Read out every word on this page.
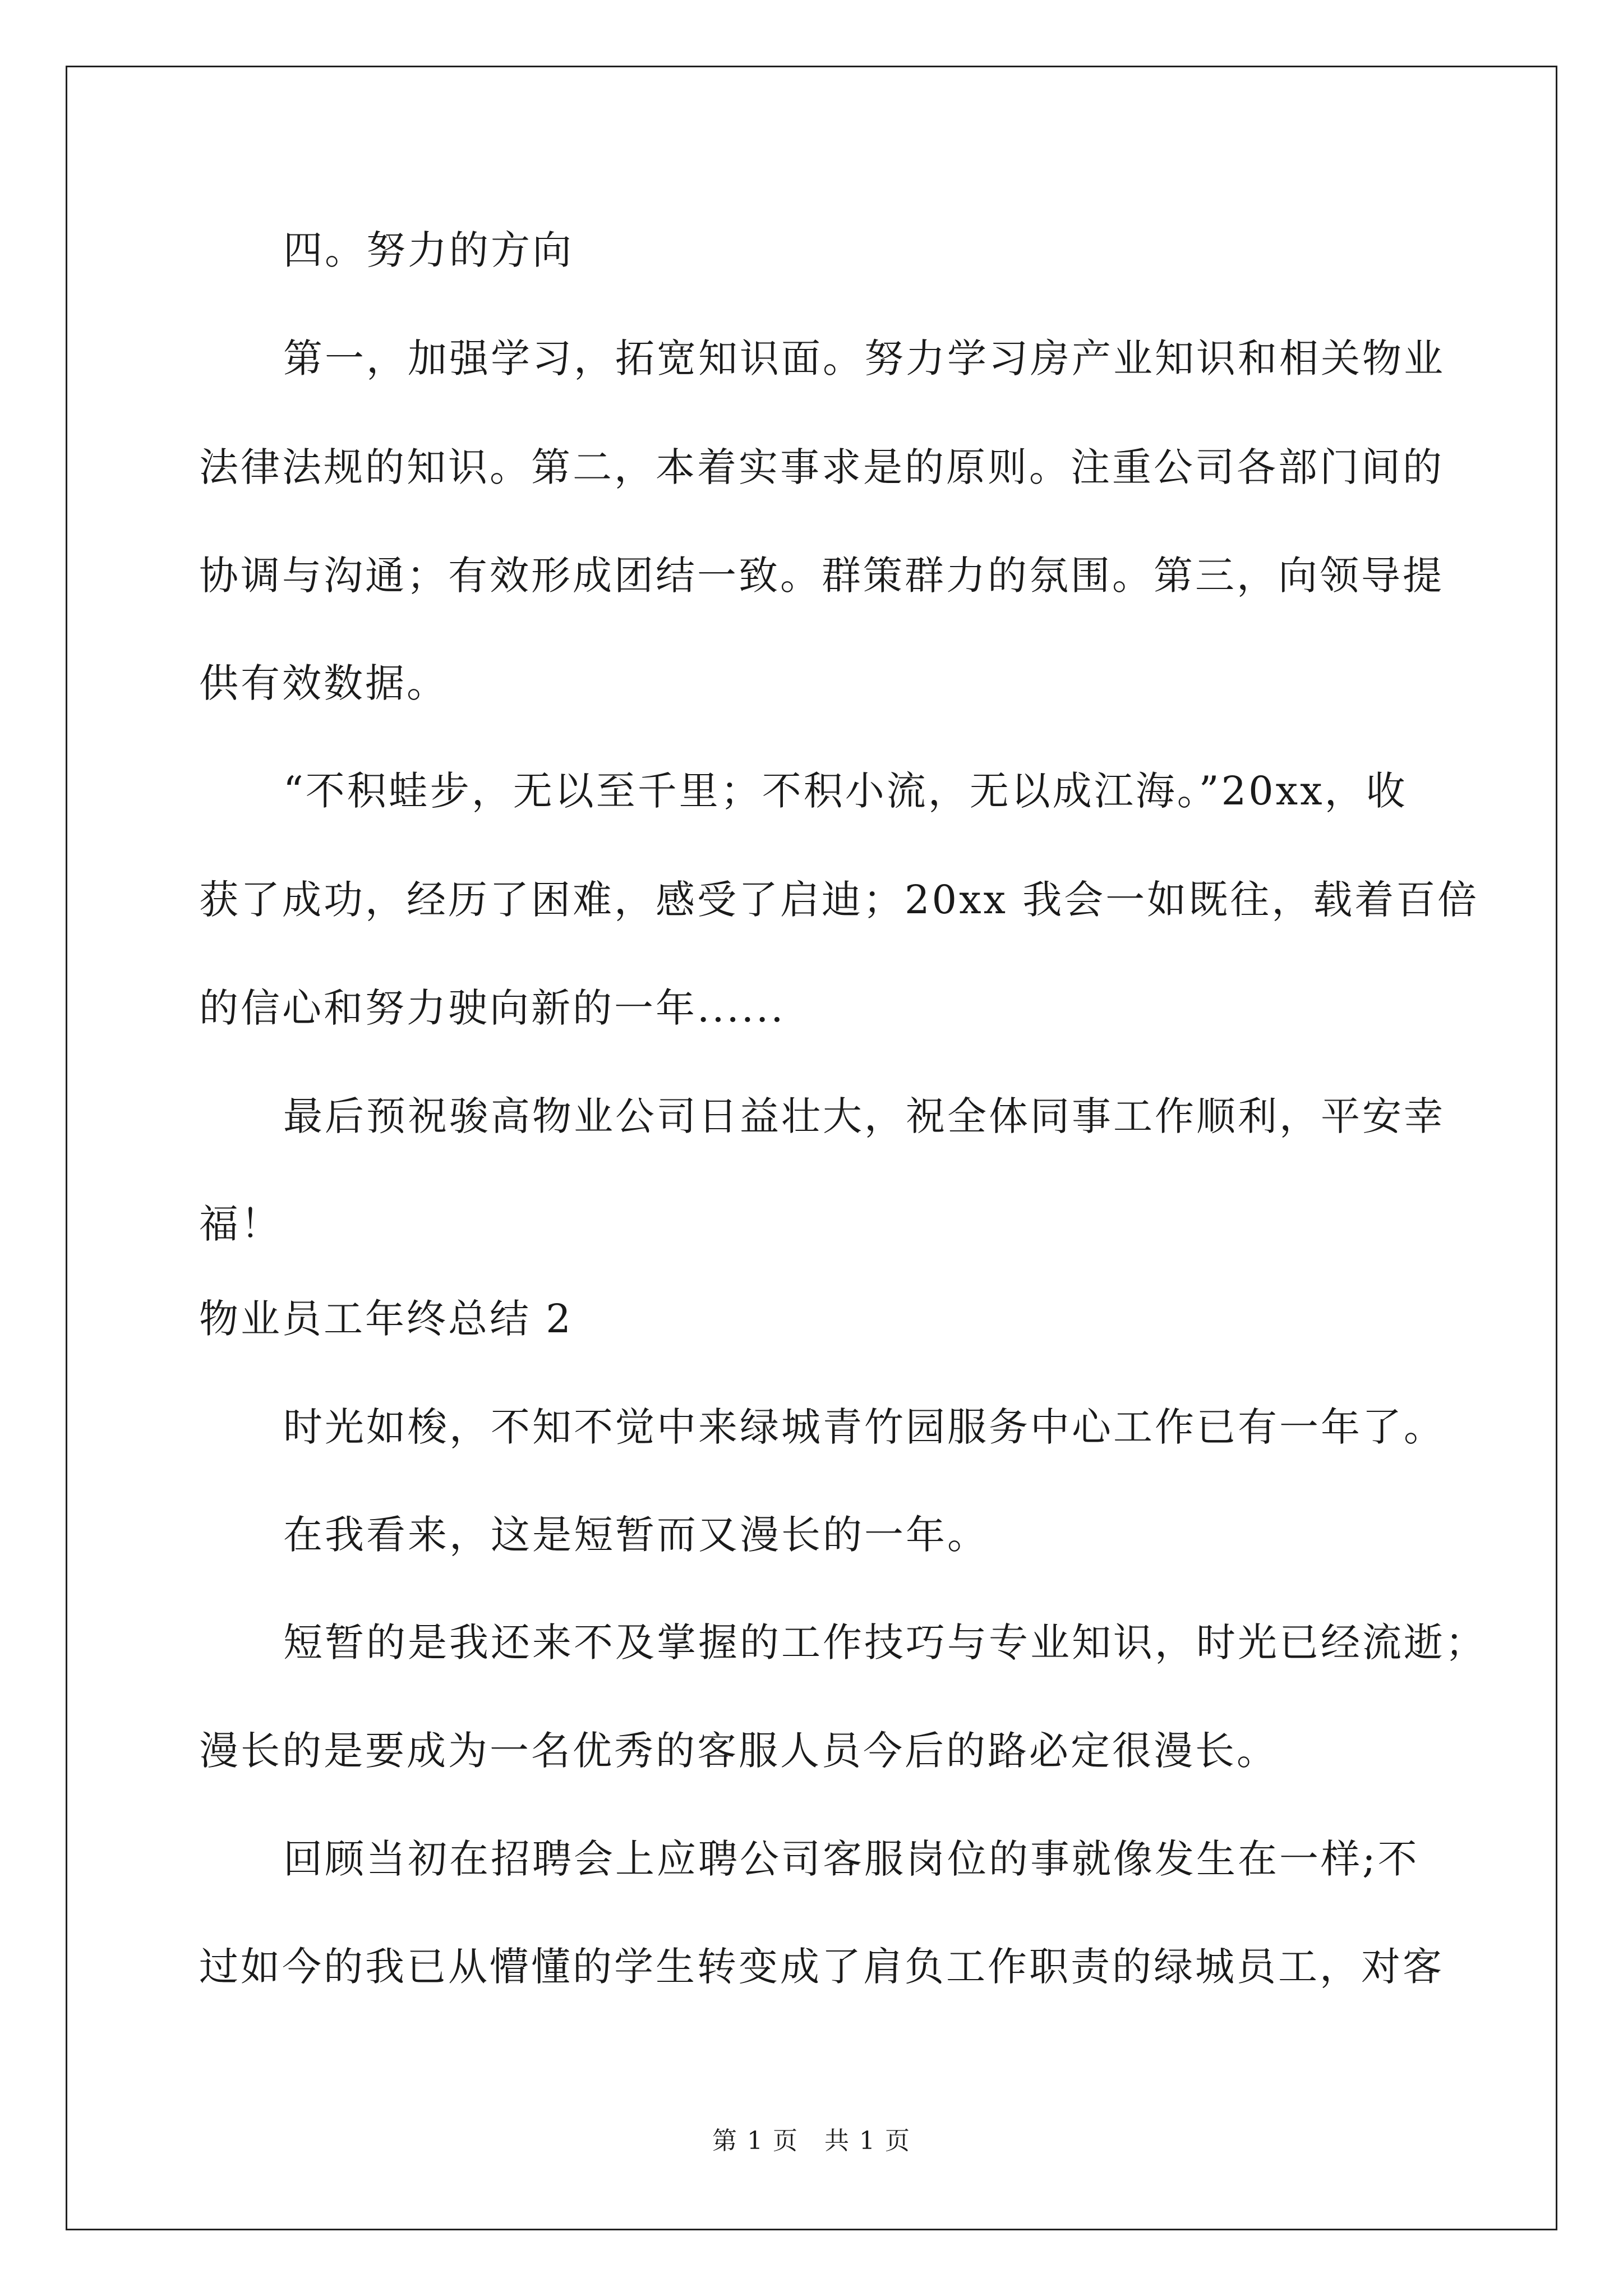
四。努力的方向
第一，加强学习，拓宽知识面。努力学习房产业知识和相关物业
法律法规的知识。第二，本着实事求是的原则。注重公司各部门间的
协调与沟通；有效形成团结一致。群策群力的氛围。第三，向领导提
供有效数据。
“不积蛙步，无以至千里；不积小流，无以成江海。”20xx，收
获了成功，经历了困难，感受了启迪；20xx 我会一如既往，载着百倍
的信心和努力驶向新的一年......
最后预祝骏高物业公司日益壮大，祝全体同事工作顺利，平安幸
福！
物业员工年终总结 2
时光如梭，不知不觉中来绿城青竹园服务中心工作已有一年了。
在我看来，这是短暂而又漫长的一年。
短暂的是我还来不及掌握的工作技巧与专业知识，时光已经流逝；
漫长的是要成为一名优秀的客服人员今后的路必定很漫长。
回顾当初在招聘会上应聘公司客服岗位的事就像发生在一样;不
过如今的我已从懵懂的学生转变成了肩负工作职责的绿城员工，对客
第 1 页　共 1 页
